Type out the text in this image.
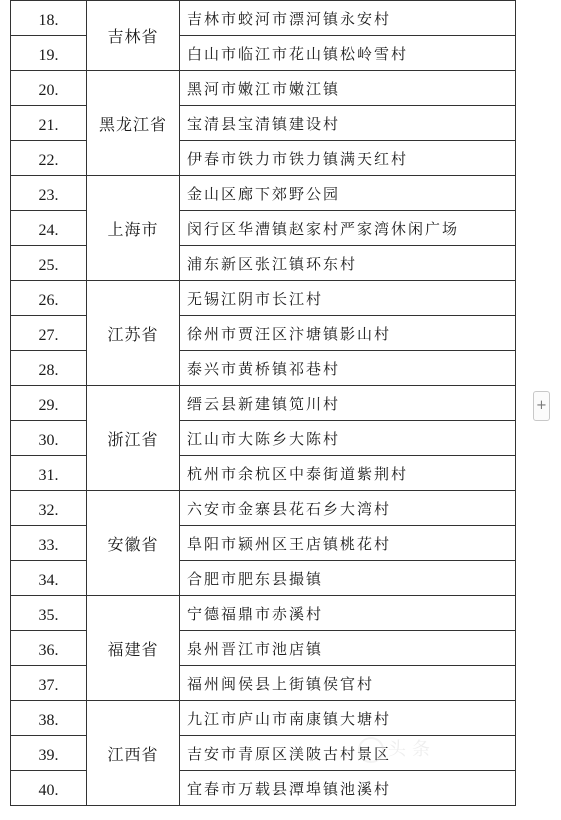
18.	吉林省	吉林市蛟河市漂河镇永安村
19.		白山市临江市花山镇松岭雪村
20.	黑龙江省	黑河市嫩江市嫩江镇
21.		宝清县宝清镇建设村
22.		伊春市铁力市铁力镇满天红村
23.	上海市	金山区廊下郊野公园
24.		闵行区华漕镇赵家村严家湾休闲广场
25.		浦东新区张江镇环东村
26.	江苏省	无锡江阴市长江村
27.		徐州市贾汪区汴塘镇影山村
28.		泰兴市黄桥镇祁巷村
29.	浙江省	缙云县新建镇笕川村
30.		江山市大陈乡大陈村
31.		杭州市余杭区中泰街道紫荆村
32.	安徽省	六安市金寨县花石乡大湾村
33.		阜阳市颍州区王店镇桃花村
34.		合肥市肥东县撮镇
35.	福建省	宁德福鼎市赤溪村
36.		泉州晋江市池店镇
37.		福州闽侯县上街镇侯官村
38.	江西省	九江市庐山市南康镇大塘村
39.		吉安市青原区渼陂古村景区
40.		宜春市万载县潭埠镇池溪村
+
头条
